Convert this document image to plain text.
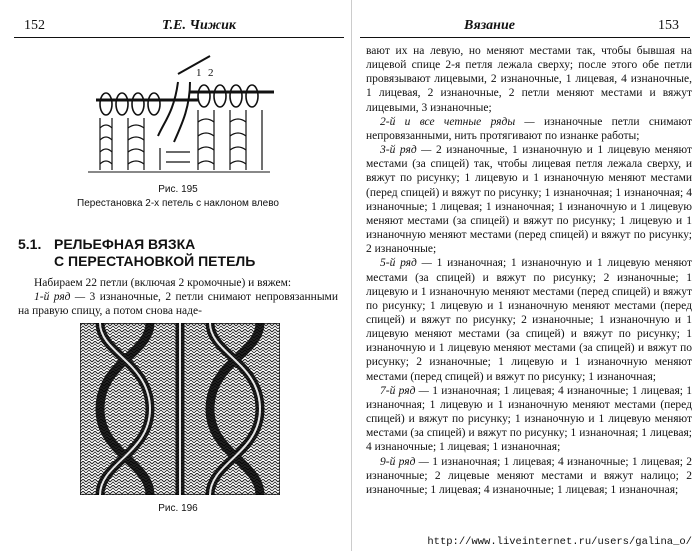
152	Т.Е. Чижик
1 2
Рис. 195
Перестановка 2-х петель с наклоном влево
5.1. РЕЛЬЕФНАЯ ВЯЗКА
С ПЕРЕСТАНОВКОЙ ПЕТЕЛЬ

Набираем 22 петли (включая 2 кромочные) и вяжем:

1-й ряд — 3 изнаночные, 2 петли снимают непровязанными на правую спицу, а потом снова наде-

Рис. 196
Вязание	153

вают их на левую, но меняют местами так, чтобы бывшая на лицевой спице 2-я петля лежала сверху; после этого обе петли провязывают лицевыми, 2 изнаночные, 1 лицевая, 4 изнаночные, 1 лицевая, 2 изнаночные, 2 петли меняют местами и вяжут лицевыми, 3 изнаночные;

2-й и все четные ряды — изнаночные петли снимают непровязанными, нить протягивают по изнанке работы;

3-й ряд — 2 изнаночные, 1 изнаночную и 1 лицевую меняют местами (за спицей) так, чтобы лицевая петля лежала сверху, и вяжут по рисунку; 1 лицевую и 1 изнаночную меняют местами (перед спицей) и вяжут по рисунку; 1 изнаночная; 1 изнаночная; 4 изнаночные; 1 лицевая; 1 изнаночная; 1 изнаночную и 1 лицевую меняют местами (за спицей) и вяжут по рисунку; 1 лицевую и 1 изнаночную меняют местами (перед спицей) и вяжут по рисунку; 2 изнаночные;

5-й ряд — 1 изнаночная; 1 изнаночную и 1 лицевую меняют местами (за спицей) и вяжут по рисунку; 2 изнаночные; 1 лицевую и 1 изнаночную меняют местами (перед спицей) и вяжут по рисунку; 1 лицевую и 1 изнаночную меняют местами (перед спицей) и вяжут по рисунку; 2 изнаночные; 1 изнаночную и 1 лицевую меняют местами (за спицей) и вяжут по рисунку; 1 изнаночную и 1 лицевую меняют местами (за спицей) и вяжут по рисунку; 2 изнаночные; 1 лицевую и 1 изнаночную меняют местами (перед спицей) и вяжут по рисунку; 1 изнаночная;

7-й ряд — 1 изнаночная; 1 лицевая; 4 изнаночные; 1 лицевая; 1 изнаночная; 1 лицевую и 1 изнаночную меняют местами (перед спицей) и вяжут по рисунку; 1 изнаночную и 1 лицевую меняют местами (за спицей) и вяжут по рисунку; 1 изнаночная; 1 лицевая; 4 изнаночные; 1 лицевая; 1 изнаночная;

9-й ряд — 1 изнаночная; 1 лицевая; 4 изнаночные; 1 лицевая; 2 изнаночные; 2 лицевые меняют местами и вяжут налицо; 2 изнаночные; 1 лицевая; 4 изнаночные; 1 лицевая; 1 изнаночная;

http://www.liveinternet.ru/users/galina_o/
